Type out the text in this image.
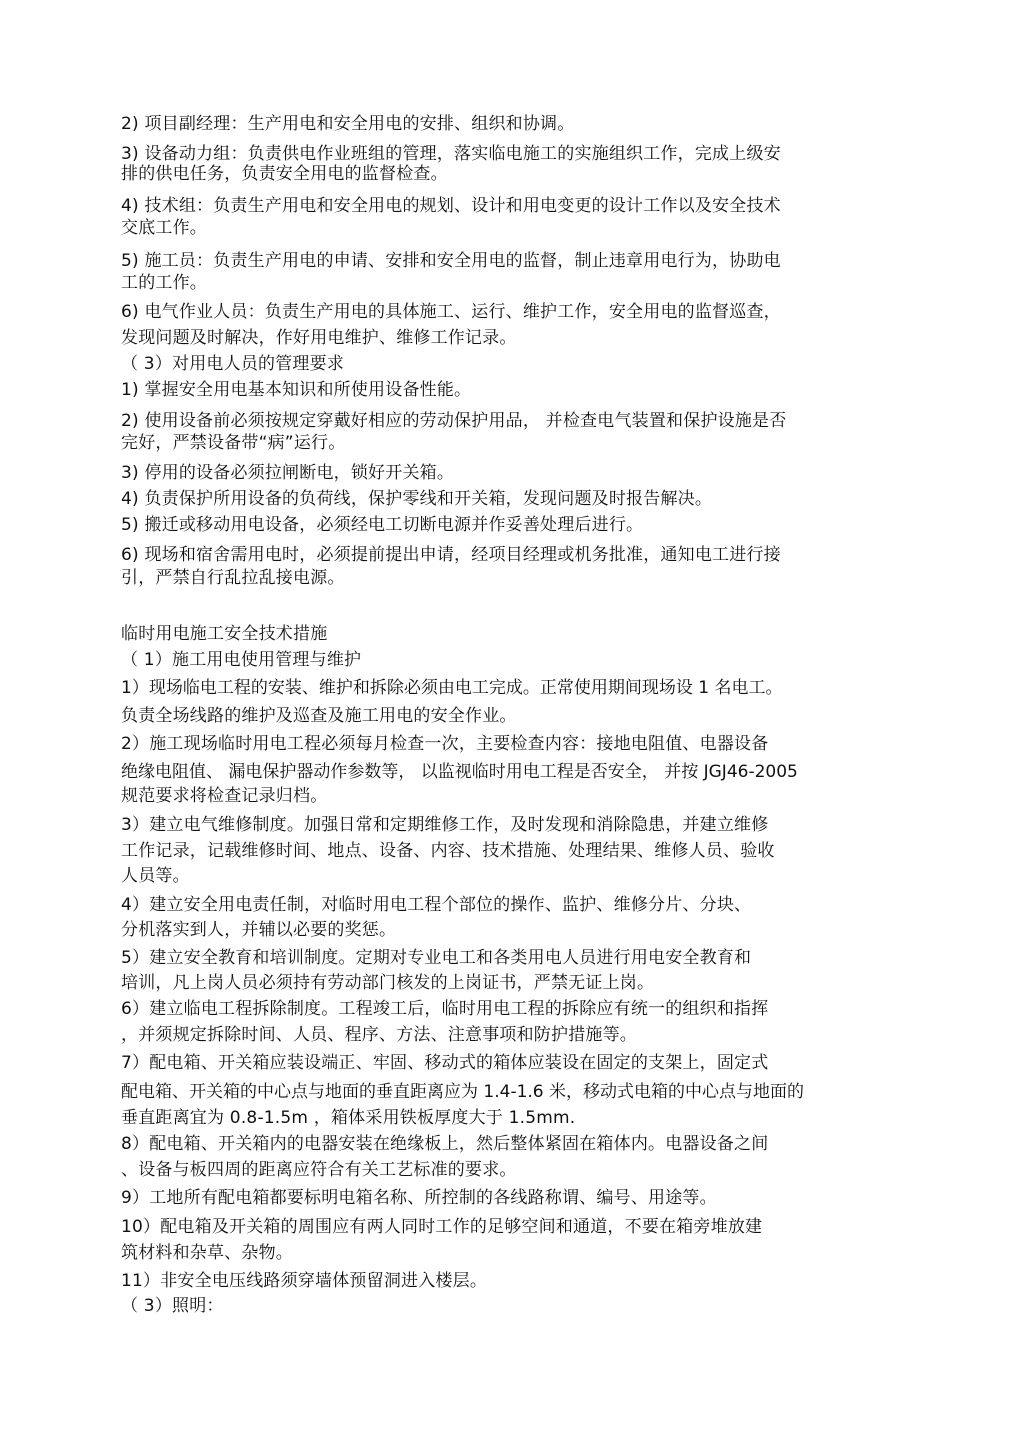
2) 项目副经理：生产用电和安全用电的安排、组织和协调。

3) 设备动力组：负责供电作业班组的管理，落实临电施工的实施组织工作，完成上级安

排的供电任务，负责安全用电的监督检查。

4) 技术组：负责生产用电和安全用电的规划、设计和用电变更的设计工作以及安全技术

交底工作。

5) 施工员：负责生产用电的申请、安排和安全用电的监督，制止违章用电行为，协助电

工的工作。

6) 电气作业人员：负责生产用电的具体施工、运行、维护工作，安全用电的监督巡查，

发现问题及时解决，作好用电维护、维修工作记录。

（ 3）对用电人员的管理要求

1) 掌握安全用电基本知识和所使用设备性能。

2) 使用设备前必须按规定穿戴好相应的劳动保护用品， 并检查电气装置和保护设施是否

完好，严禁设备带“病”运行。

3) 停用的设备必须拉闸断电，锁好开关箱。

4) 负责保护所用设备的负荷线，保护零线和开关箱，发现问题及时报告解决。

5) 搬迁或移动用电设备，必须经电工切断电源并作妥善处理后进行。

6) 现场和宿舍需用电时，必须提前提出申请，经项目经理或机务批准，通知电工进行接

引，严禁自行乱拉乱接电源。

临时用电施工安全技术措施

（ 1）施工用电使用管理与维护

1）现场临电工程的安装、维护和拆除必须由电工完成。正常使用期间现场设 1 名电工。

负责全场线路的维护及巡查及施工用电的安全作业。

2）施工现场临时用电工程必须每月检查一次，主要检查内容：接地电阻值、电器设备

绝缘电阻值、 漏电保护器动作参数等， 以监视临时用电工程是否安全， 并按 JGJ46-2005

规范要求将检查记录归档。

3）建立电气维修制度。加强日常和定期维修工作，及时发现和消除隐患，并建立维修

工作记录，记载维修时间、地点、设备、内容、技术措施、处理结果、维修人员、验收

人员等。

4）建立安全用电责任制，对临时用电工程个部位的操作、监护、维修分片、分块、

分机落实到人，并辅以必要的奖惩。

5）建立安全教育和培训制度。定期对专业电工和各类用电人员进行用电安全教育和

培训，凡上岗人员必须持有劳动部门核发的上岗证书，严禁无证上岗。

6）建立临电工程拆除制度。工程竣工后，临时用电工程的拆除应有统一的组织和指挥

，并须规定拆除时间、人员、程序、方法、注意事项和防护措施等。

7）配电箱、开关箱应装设端正、牢固、移动式的箱体应装设在固定的支架上，固定式

配电箱、开关箱的中心点与地面的垂直距离应为 1.4-1.6 米，移动式电箱的中心点与地面的

垂直距离宜为 0.8-1.5m ，箱体采用铁板厚度大于 1.5mm.

8）配电箱、开关箱内的电器安装在绝缘板上，然后整体紧固在箱体内。电器设备之间

、设备与板四周的距离应符合有关工艺标准的要求。

9）工地所有配电箱都要标明电箱名称、所控制的各线路称谓、编号、用途等。

10）配电箱及开关箱的周围应有两人同时工作的足够空间和通道，不要在箱旁堆放建

筑材料和杂草、杂物。

11）非安全电压线路须穿墙体预留洞进入楼层。

（ 3）照明：
